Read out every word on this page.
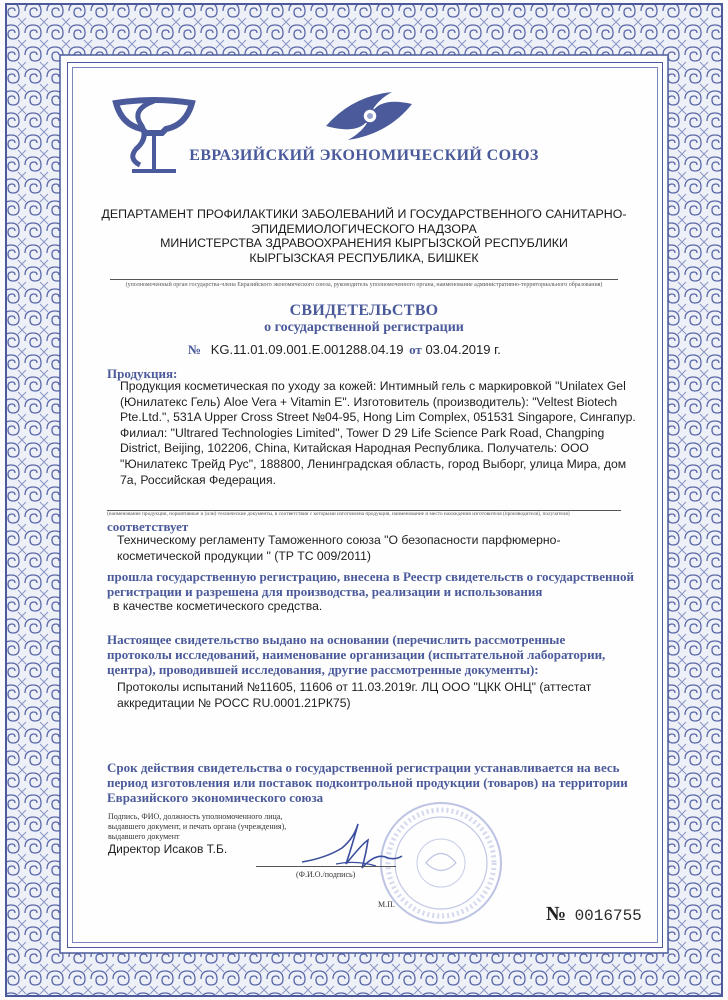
ЕВРАЗИЙСКИЙ ЭКОНОМИЧЕСКИЙ СОЮЗ
ДЕПАРТАМЕНТ ПРОФИЛАКТИКИ ЗАБОЛЕВАНИЙ И ГОСУДАРСТВЕННОГО САНИТАРНО-
ЭПИДЕМИОЛОГИЧЕСКОГО НАДЗОРА
МИНИСТЕРСТВА ЗДРАВООХРАНЕНИЯ КЫРГЫЗСКОЙ РЕСПУБЛИКИ
КЫРГЫЗСКАЯ РЕСПУБЛИКА, БИШКЕК
(уполномоченный орган государства-члена Евразийского экономического союза, руководитель уполномоченного органа, наименование административно-территориального образования)
СВИДЕТЕЛЬСТВО
о государственной регистрации
№ KG.11.01.09.001.E.001288.04.19 от 03.04.2019 г.
Продукция:
Продукция косметическая по уходу за кожей: Интимный гель с маркировкой "Unilatex Gel
(Юнилатекс Гель) Aloe Vera + Vitamin E". Изготовитель (производитель): "Veltest Biotech
Pte.Ltd.", 531A Upper Cross Street №04-95, Hong Lim Complex, 051531 Singapore, Сингапур.
Филиал: "Ultrared Technologies Limited", Tower D 29 Life Science Park Road, Changping
District, Beijing, 102206, China, Китайская Народная Республика. Получатель: ООО
"Юнилатекс Трейд Рус", 188800, Ленинградская область, город Выборг, улица Мира, дом
7а, Российская Федерация.
(наименование продукции, нормативные и (или) технические документы, в соответствии с которыми изготовлена продукция, наименование и место нахождения изготовителя (производителя), получателя)
соответствует
Техническому регламенту Таможенного союза "О безопасности парфюмерно-
косметической продукции " (ТР ТС 009/2011)
прошла государственную регистрацию, внесена в Реестр свидетельств о государственной
регистрации и разрешена для производства, реализации и использования
в качестве косметического средства.
Настоящее свидетельство выдано на основании (перечислить рассмотренные
протоколы исследований, наименование организации (испытательной лаборатории,
центра), проводившей исследования, другие рассмотренные документы):
Протоколы испытаний №11605, 11606 от 11.03.2019г. ЛЦ ООО "ЦКК ОНЦ" (аттестат
аккредитации № РОСС RU.0001.21РК75)
Срок действия свидетельства о государственной регистрации устанавливается на весь
период изготовления или поставок подконтрольной продукции (товаров) на территории
Евразийского экономического союза
Подпись, ФИО, должность уполномоченного лица,
выдавшего документ, и печать органа (учреждения),
выдавшего документ
Директор Исаков Т.Б.
(Ф.И.О./подпись)
М.П.	№ 0016755
